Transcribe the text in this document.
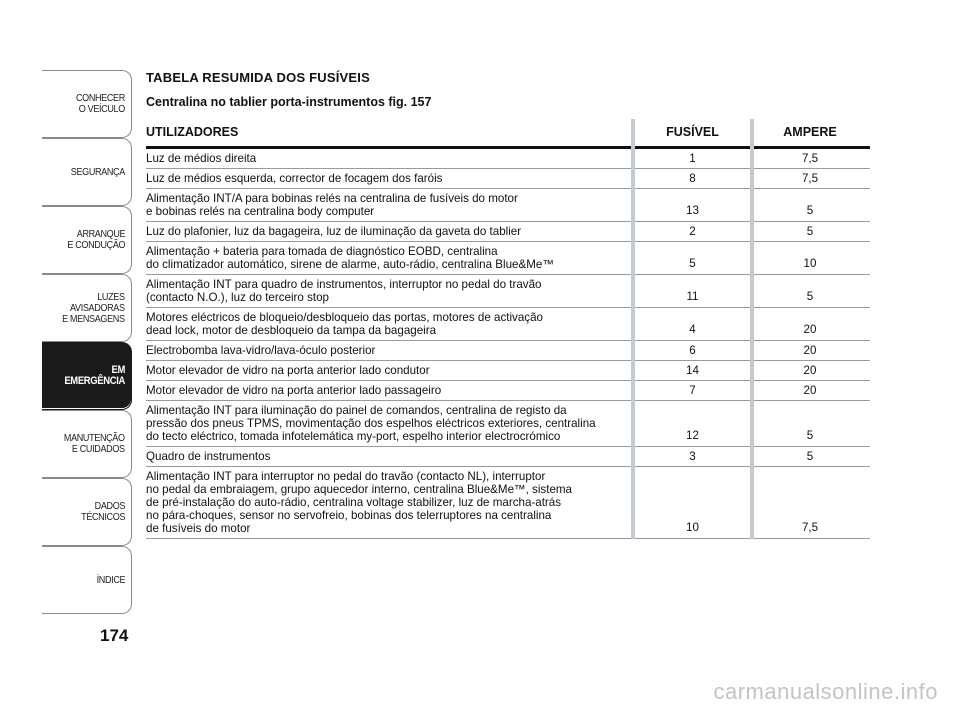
CONHECER
O VEÍCULO
SEGURANÇA
ARRANQUE
E CONDUÇÃO
LUZES
AVISADORAS
E MENSAGENS
EM EMERGÊNCIA
MANUTENÇÃO
E CUIDADOS
DADOS
TÉCNICOS
ÍNDICE
174
TABELA RESUMIDA DOS FUSÍVEIS
Centralina no tablier porta-instrumentos fig. 157
UTILIZADORES	FUSÍVEL	AMPERE
Luz de médios direita	1	7,5
Luz de médios esquerda, corrector de focagem dos faróis	8	7,5
Alimentação INT/A para bobinas relés na centralina de fusíveis do motor
e bobinas relés na centralina body computer	13	5
Luz do plafonier, luz da bagageira, luz de iluminação da gaveta do tablier	2	5
Alimentação + bateria para tomada de diagnóstico EOBD, centralina
do climatizador automático, sirene de alarme, auto-rádio, centralina Blue&Me™	5	10
Alimentação INT para quadro de instrumentos, interruptor no pedal do travão
(contacto N.O.), luz do terceiro stop	11	5
Motores eléctricos de bloqueio/desbloqueio das portas, motores de activação
dead lock, motor de desbloqueio da tampa da bagageira	4	20
Electrobomba lava-vidro/lava-óculo posterior	6	20
Motor elevador de vidro na porta anterior lado condutor	14	20
Motor elevador de vidro na porta anterior lado passageiro	7	20
Alimentação INT para iluminação do painel de comandos, centralina de registo da
pressão dos pneus TPMS, movimentação dos espelhos eléctricos exteriores, centralina
do tecto eléctrico, tomada infotelemática my-port, espelho interior electrocrómico	12	5
Quadro de instrumentos	3	5
Alimentação INT para interruptor no pedal do travão (contacto NL), interruptor
no pedal da embraiagem, grupo aquecedor interno, centralina Blue&Me™, sistema
de pré-instalação do auto-rádio, centralina voltage stabilizer, luz de marcha-atrás
no pára-choques, sensor no servofreio, bobinas dos telerruptores na centralina
de fusíveis do motor	10	7,5
carmanualsonline.info
